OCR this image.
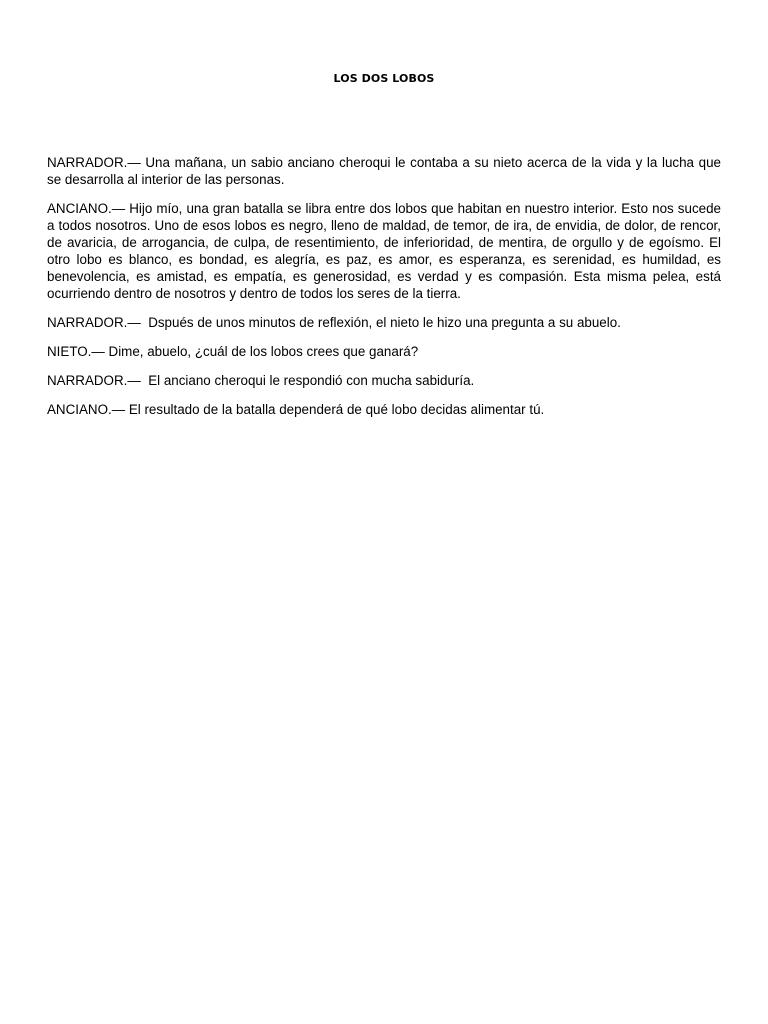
LOS DOS LOBOS

NARRADOR.— Una mañana, un sabio anciano cheroqui le contaba a su nieto acerca de la vida y la lucha que se desarrolla al interior de las personas.

ANCIANO.— Hijo mío, una gran batalla se libra entre dos lobos que habitan en nuestro interior. Esto nos sucede a todos nosotros. Uno de esos lobos es negro, lleno de maldad, de temor, de ira, de envidia, de dolor, de rencor, de avaricia, de arrogancia, de culpa, de resentimiento, de inferioridad, de mentira, de orgullo y de egoísmo. El otro lobo es blanco, es bondad, es alegría, es paz, es amor, es esperanza, es serenidad, es humildad, es benevolencia, es amistad, es empatía, es generosidad, es verdad y es compasión. Esta misma pelea, está ocurriendo dentro de nosotros y dentro de todos los seres de la tierra.

NARRADOR.—  Dspués de unos minutos de reflexión, el nieto le hizo una pregunta a su abuelo.

NIETO.— Dime, abuelo, ¿cuál de los lobos crees que ganará?

NARRADOR.—  El anciano cheroqui le respondió con mucha sabiduría.

ANCIANO.— El resultado de la batalla dependerá de qué lobo decidas alimentar tú.
